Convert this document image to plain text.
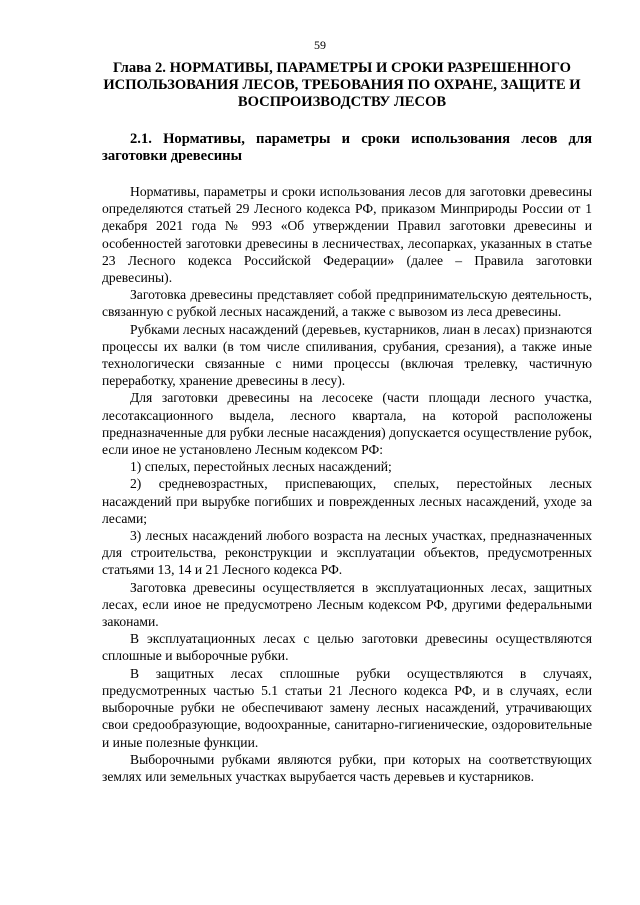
59
Глава 2. НОРМАТИВЫ, ПАРАМЕТРЫ И СРОКИ РАЗРЕШЕННОГО ИСПОЛЬЗОВАНИЯ ЛЕСОВ, ТРЕБОВАНИЯ ПО ОХРАНЕ, ЗАЩИТЕ И ВОСПРОИЗВОДСТВУ ЛЕСОВ
2.1. Нормативы, параметры и сроки использования лесов для заготовки древесины

Нормативы, параметры и сроки использования лесов для заготовки древесины определяются статьей 29 Лесного кодекса РФ, приказом Минприроды России от 1 декабря 2021 года № 993 «Об утверждении Правил заготовки древесины и особенностей заготовки древесины в лесничествах, лесопарках, указанных в статье 23 Лесного кодекса Российской Федерации» (далее – Правила заготовки древесины).

Заготовка древесины представляет собой предпринимательскую деятельность, связанную с рубкой лесных насаждений, а также с вывозом из леса древесины.

Рубками лесных насаждений (деревьев, кустарников, лиан в лесах) признаются процессы их валки (в том числе спиливания, срубания, срезания), а также иные технологически связанные с ними процессы (включая трелевку, частичную переработку, хранение древесины в лесу).

Для заготовки древесины на лесосеке (части площади лесного участка, лесотаксационного выдела, лесного квартала, на которой расположены предназначенные для рубки лесные насаждения) допускается осуществление рубок, если иное не установлено Лесным кодексом РФ:

1) спелых, перестойных лесных насаждений;

2) средневозрастных, приспевающих, спелых, перестойных лесных насаждений при вырубке погибших и поврежденных лесных насаждений, уходе за лесами;

3) лесных насаждений любого возраста на лесных участках, предназначенных для строительства, реконструкции и эксплуатации объектов, предусмотренных статьями 13, 14 и 21 Лесного кодекса РФ.

Заготовка древесины осуществляется в эксплуатационных лесах, защитных лесах, если иное не предусмотрено Лесным кодексом РФ, другими федеральными законами.

В эксплуатационных лесах с целью заготовки древесины осуществляются сплошные и выборочные рубки.

В защитных лесах сплошные рубки осуществляются в случаях, предусмотренных частью 5.1 статьи 21 Лесного кодекса РФ, и в случаях, если выборочные рубки не обеспечивают замену лесных насаждений, утрачивающих свои средообразующие, водоохранные, санитарно-гигиенические, оздоровительные и иные полезные функции.

Выборочными рубками являются рубки, при которых на соответствующих землях или земельных участках вырубается часть деревьев и кустарников.
